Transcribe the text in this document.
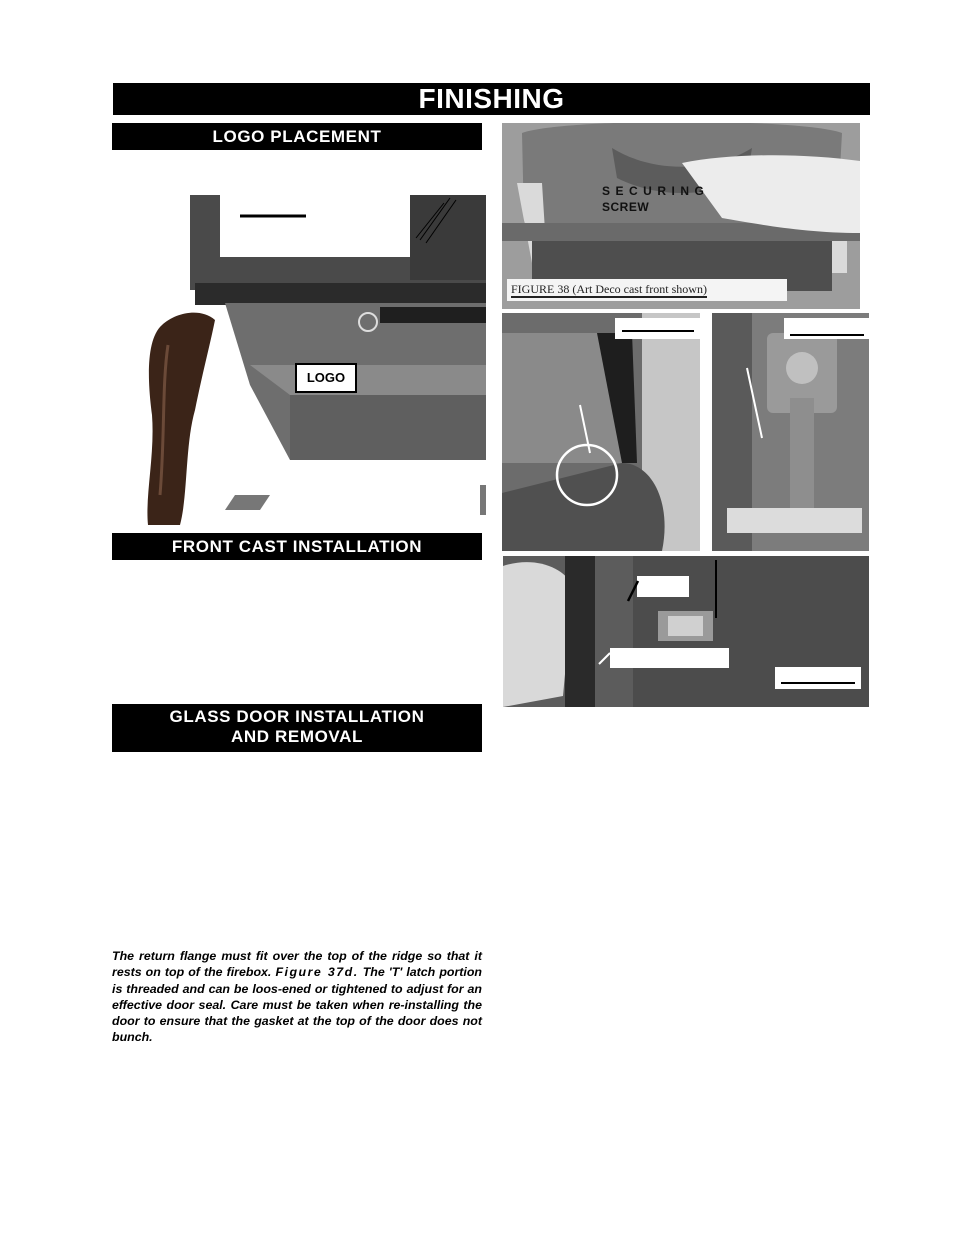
FINISHING
LOGO PLACEMENT
FRONT CAST INSTALLATION
GLASS DOOR INSTALLATION
AND REMOVAL
LOGO
SECURING
SCREW
FIGURE 38 (Art Deco cast front shown)
The return flange must fit over the top of the ridge so that it rests on top of the firebox. Figure 37d. The 'T' latch portion is threaded and can be loos-ened or tightened to adjust for an effective door seal. Care must be taken when re-installing the door to ensure that the gasket at the top of the door does not bunch.
